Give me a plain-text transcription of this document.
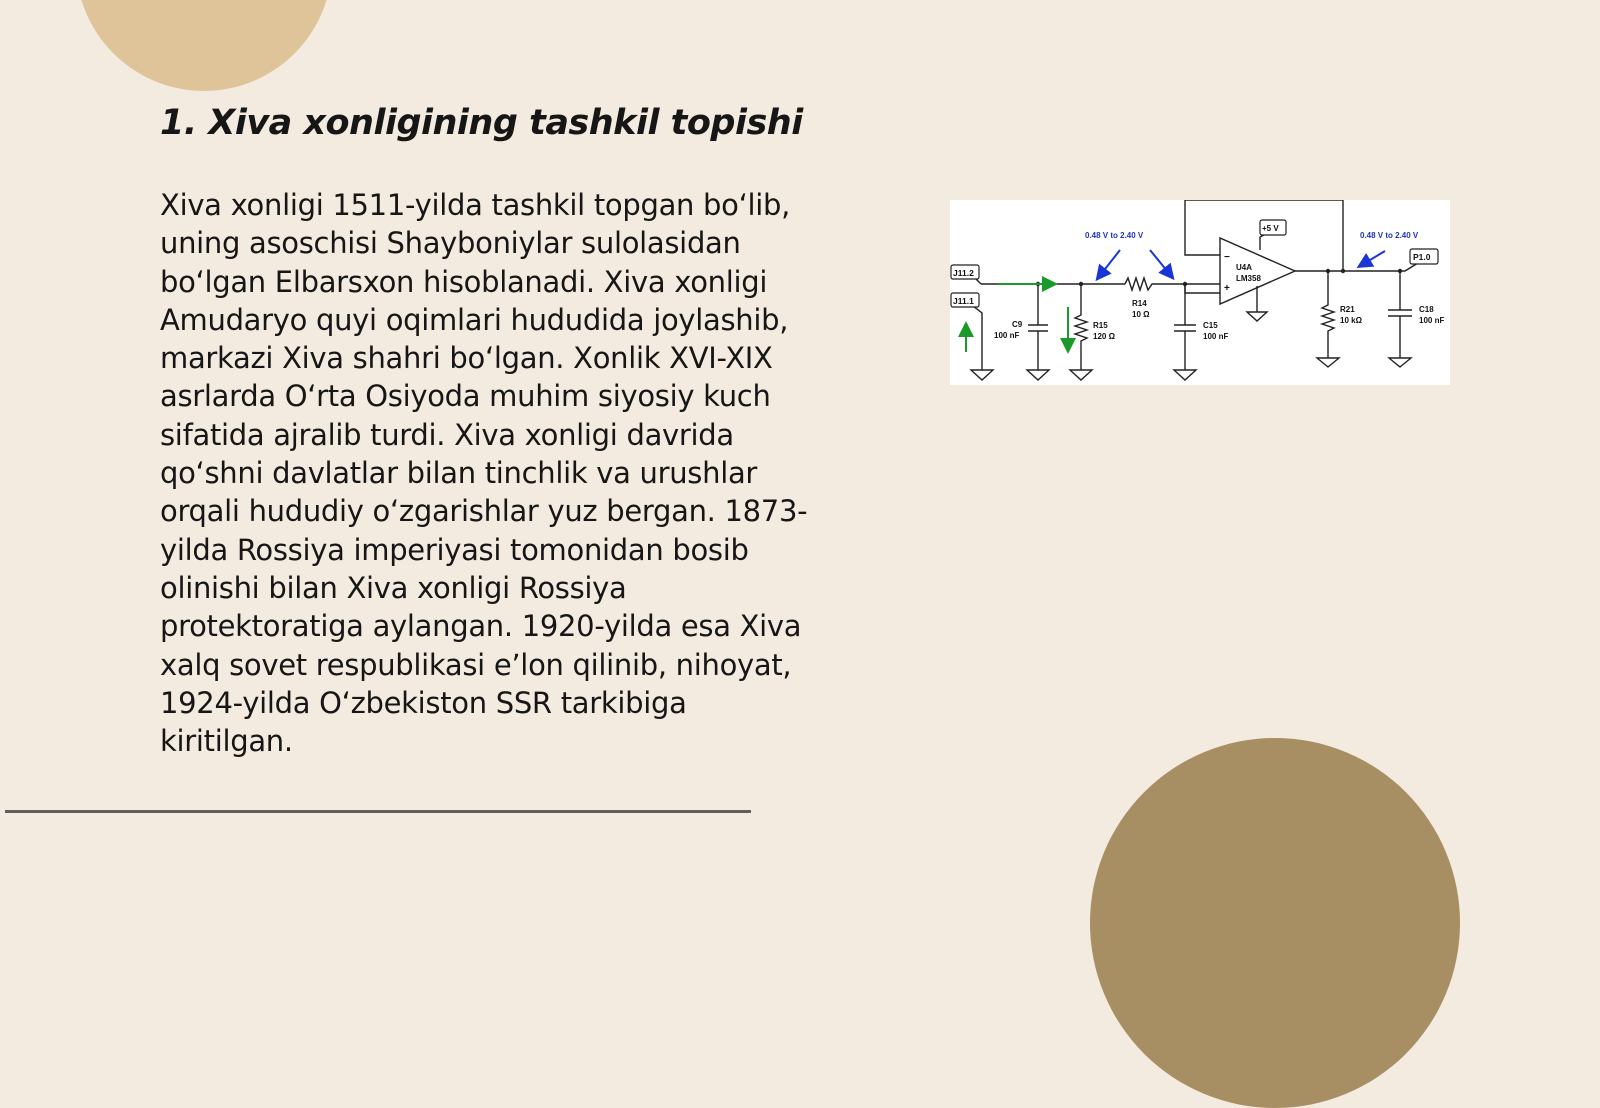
1. Xiva xonligining tashkil topishi
Xiva xonligi 1511-yilda tashkil topgan boʻlib,
uning asoschisi Shayboniylar sulolasidan
boʻlgan Elbarsxon hisoblanadi. Xiva xonligi
Amudaryo quyi oqimlari hududida joylashib,
markazi Xiva shahri boʻlgan. Xonlik XVI-XIX
asrlarda Oʻrta Osiyoda muhim siyosiy kuch
sifatida ajralib turdi. Xiva xonligi davrida
qoʻshni davlatlar bilan tinchlik va urushlar
orqali hududiy oʻzgarishlar yuz bergan. 1873-
yilda Rossiya imperiyasi tomonidan bosib
olinishi bilan Xiva xonligi Rossiya
protektoratiga aylangan. 1920-yilda esa Xiva
xalq sovet respublikasi e’lon qilinib, nihoyat,
1924-yilda Oʻzbekiston SSR tarkibiga
kiritilgan.
J11.2
J11.1
P1.0
+5 V
0.48 V to 2.40 V	0.48 V to 2.40 V
U4A
LM358
−
+
C9
100 nF
R15
120 Ω
R14
10 Ω
C15
100 nF
R21
10 kΩ
C18
100 nF
